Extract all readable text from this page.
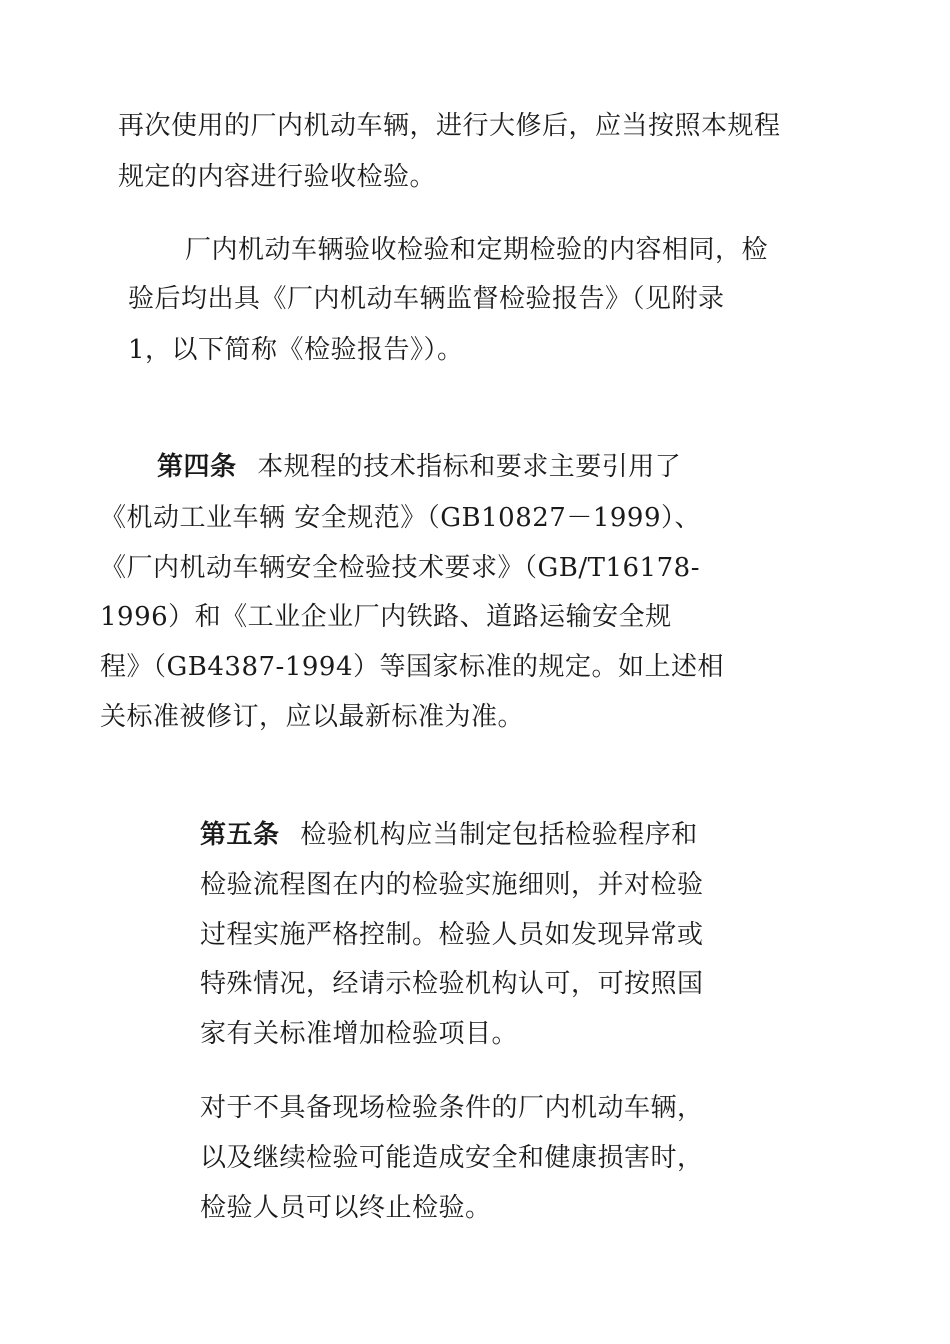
再次使用的厂内机动车辆，进行大修后，应当按照本规程
规定的内容进行验收检验。
厂内机动车辆验收检验和定期检验的内容相同，检
验后均出具《厂内机动车辆监督检验报告》（见附录
1，以下简称《检验报告》）。
第四条 本规程的技术指标和要求主要引用了
《机动工业车辆 安全规范》（GB10827－1999）、
《厂内机动车辆安全检验技术要求》（GB/T16178-
1996）和《工业企业厂内铁路、道路运输安全规
程》（GB4387-1994）等国家标准的规定。如上述相
关标准被修订，应以最新标准为准。
第五条 检验机构应当制定包括检验程序和
检验流程图在内的检验实施细则，并对检验
过程实施严格控制。检验人员如发现异常或
特殊情况，经请示检验机构认可，可按照国
家有关标准增加检验项目。
对于不具备现场检验条件的厂内机动车辆，
以及继续检验可能造成安全和健康损害时，
检验人员可以终止检验。
